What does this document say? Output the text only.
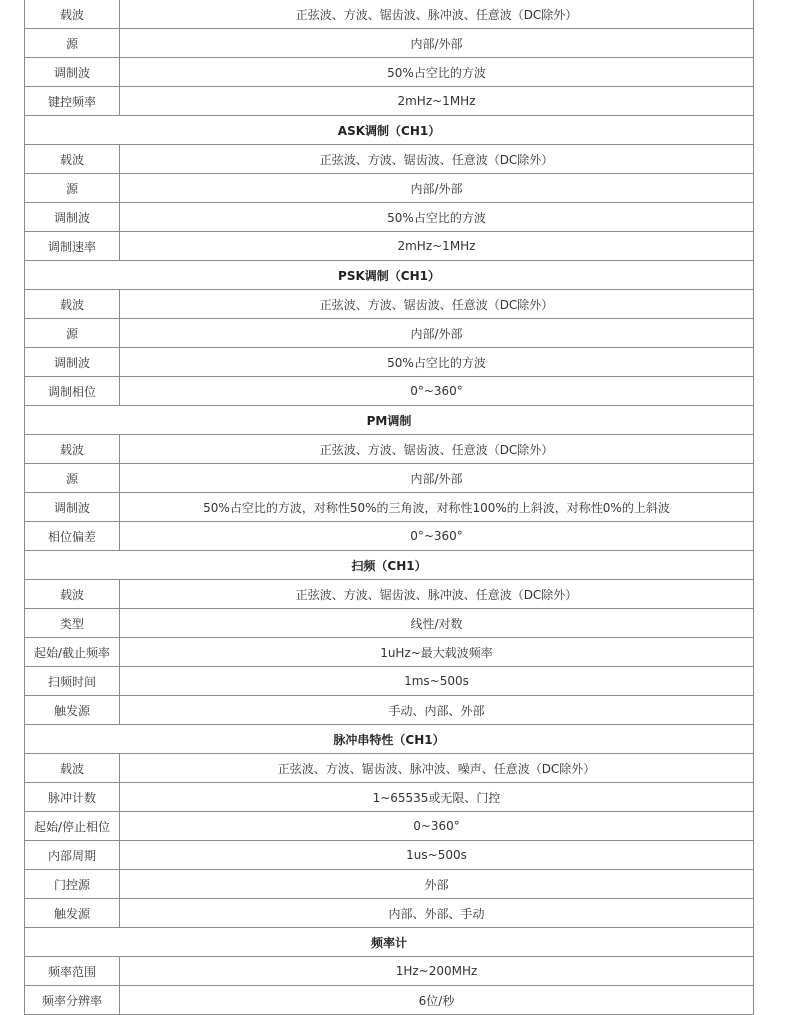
载波	正弦波、方波、锯齿波、脉冲波、任意波（DC除外）
源	内部/外部
调制波	50%占空比的方波
键控频率	2mHz~1MHz
ASK调制（CH1）	
载波	正弦波、方波、锯齿波、任意波（DC除外）
源	内部/外部
调制波	50%占空比的方波
调制速率	2mHz~1MHz
PSK调制（CH1）	
载波	正弦波、方波、锯齿波、任意波（DC除外）
源	内部/外部
调制波	50%占空比的方波
调制相位	0°~360°
PM调制	
载波	正弦波、方波、锯齿波、任意波（DC除外）
源	内部/外部
调制波	50%占空比的方波，对称性50%的三角波，对称性100%的上斜波，对称性0%的上斜波
相位偏差	0°~360°
扫频（CH1）	
载波	正弦波、方波、锯齿波、脉冲波、任意波（DC除外）
类型	线性/对数
起始/截止频率	1uHz~最大载波频率
扫频时间	1ms~500s
触发源	手动、内部、外部
脉冲串特性（CH1）	
载波	正弦波、方波、锯齿波、脉冲波、噪声、任意波（DC除外）
脉冲计数	1~65535或无限、门控
起始/停止相位	0~360°
内部周期	1us~500s
门控源	外部
触发源	内部、外部、手动
频率计	
频率范围	1Hz~200MHz
频率分辨率	6位/秒
